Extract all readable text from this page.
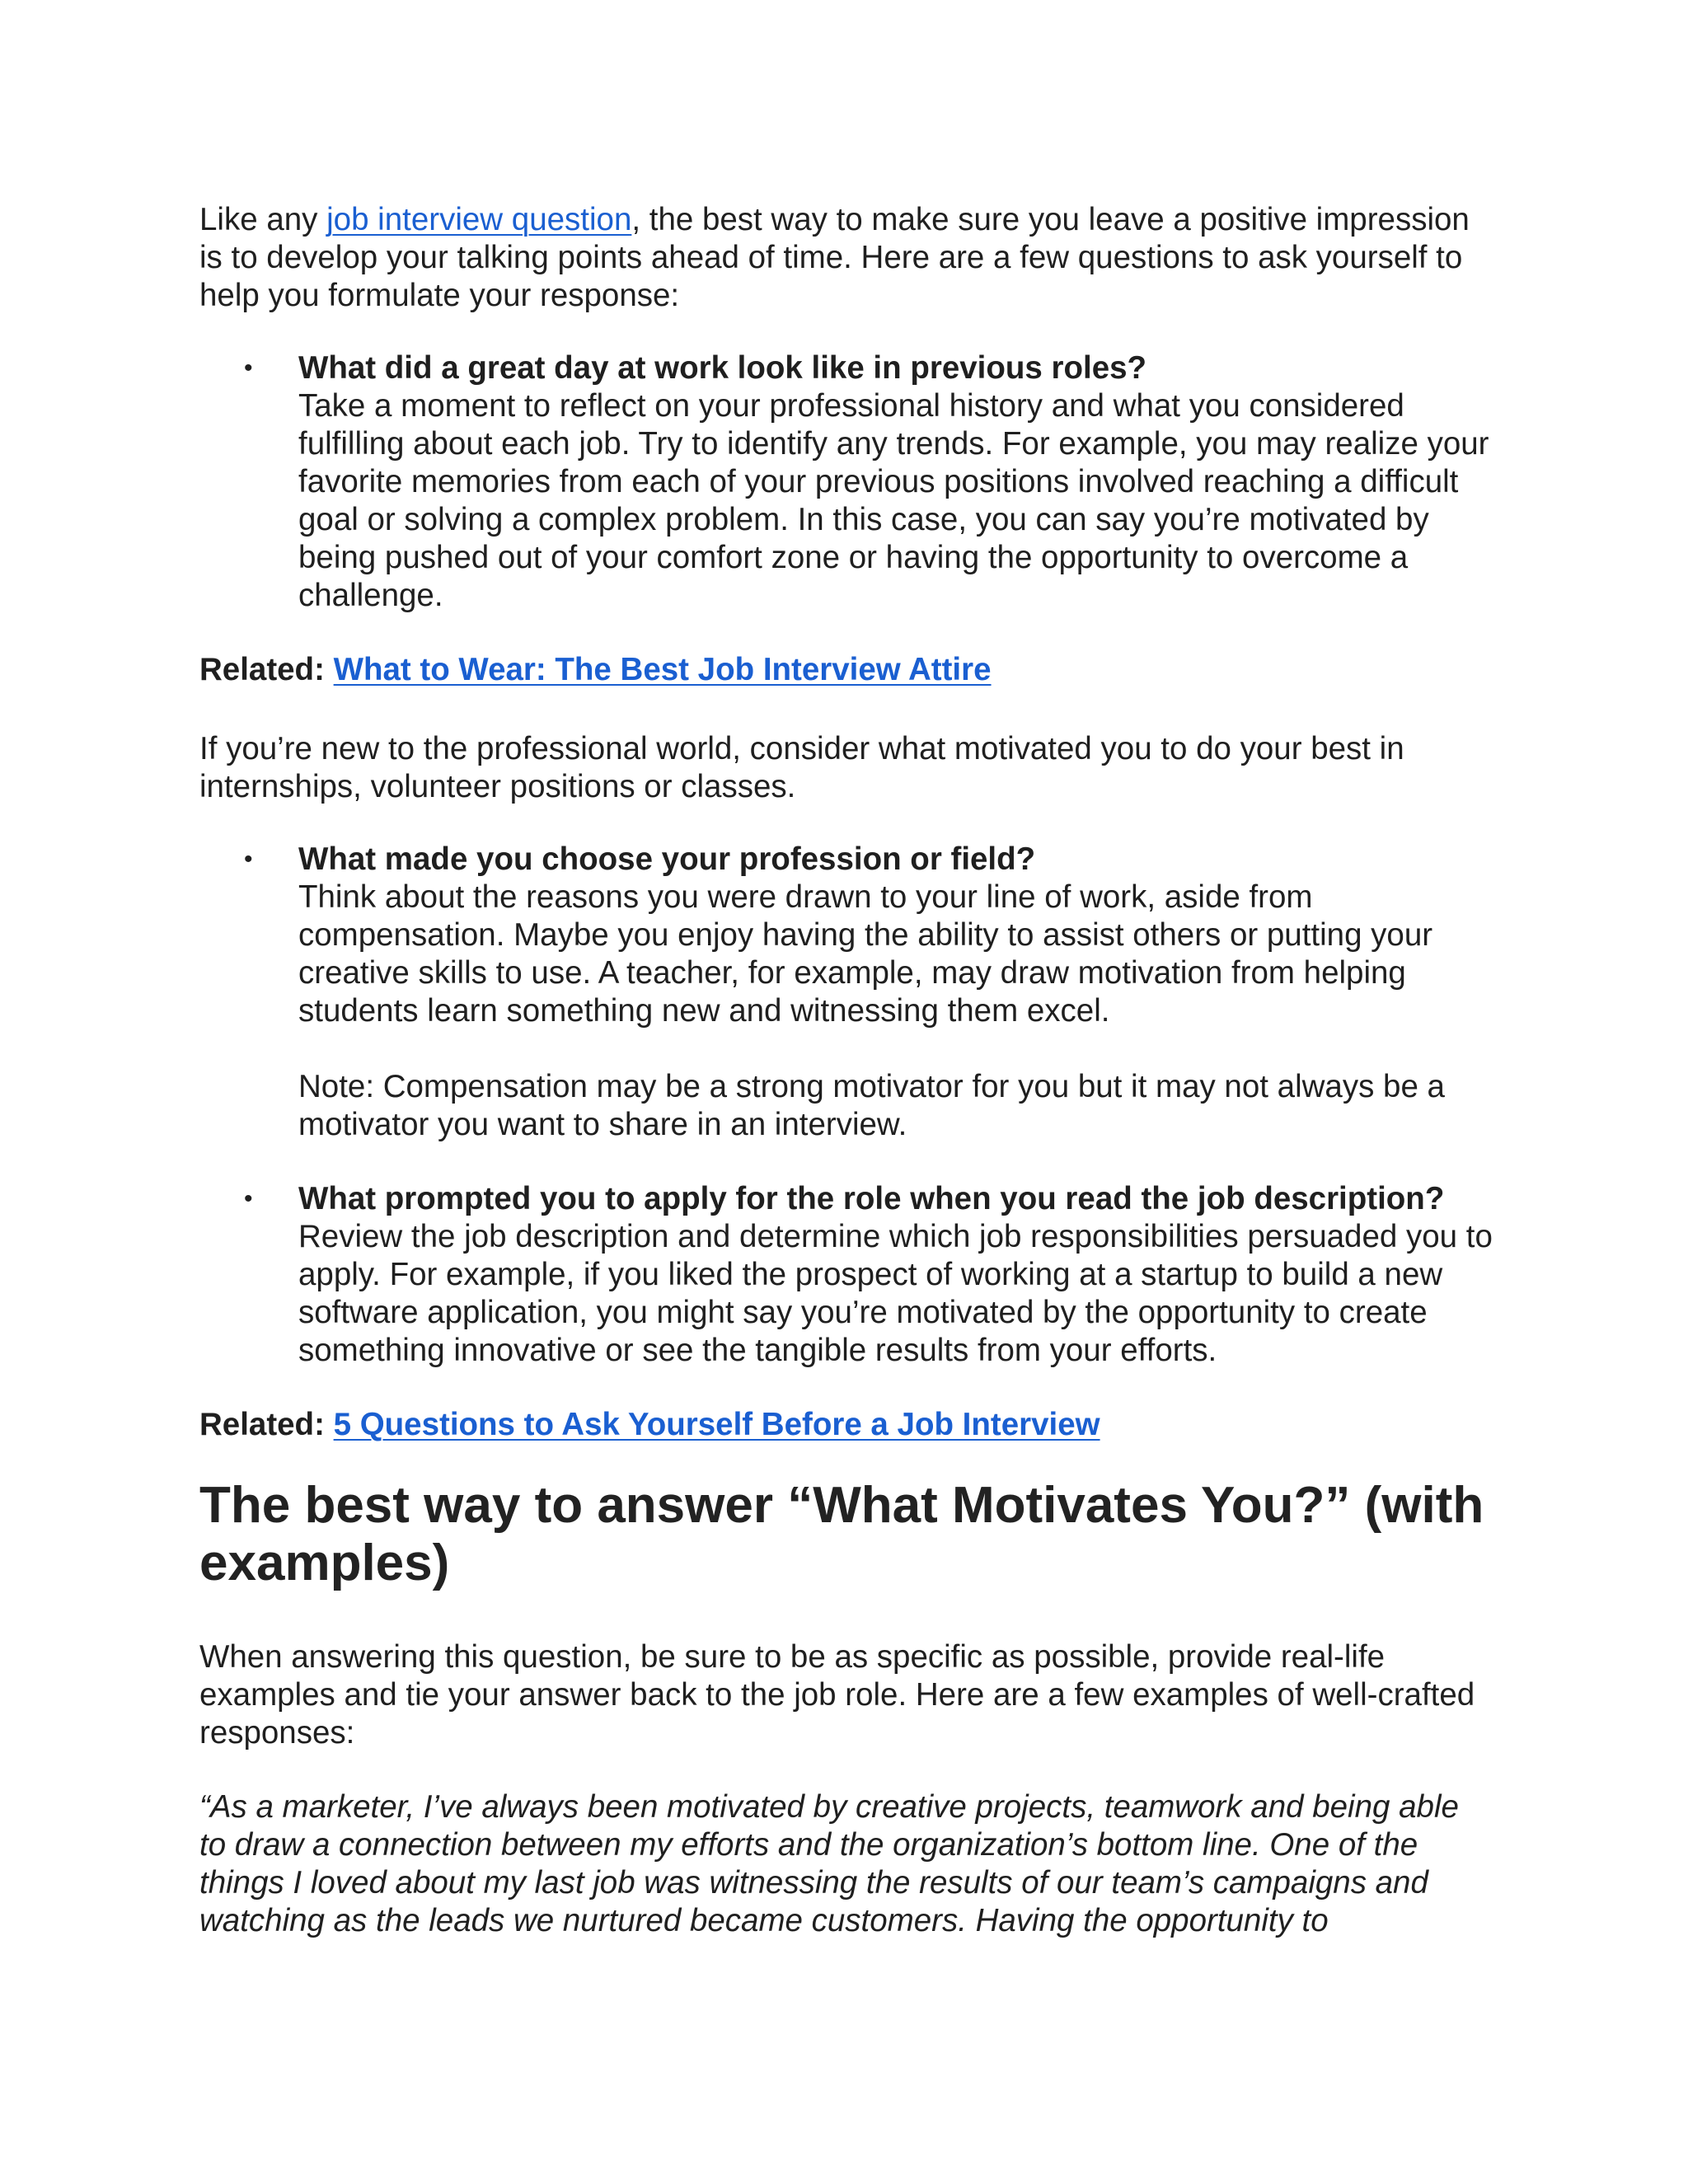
Like any job interview question, the best way to make sure you leave a positive impression is to develop your talking points ahead of time. Here are a few questions to ask yourself to help you formulate your response:

• What did a great day at work look like in previous roles?
Take a moment to reflect on your professional history and what you considered fulfilling about each job. Try to identify any trends. For example, you may realize your favorite memories from each of your previous positions involved reaching a difficult goal or solving a complex problem. In this case, you can say you’re motivated by being pushed out of your comfort zone or having the opportunity to overcome a challenge.

Related: What to Wear: The Best Job Interview Attire

If you’re new to the professional world, consider what motivated you to do your best in internships, volunteer positions or classes.

• What made you choose your profession or field?
Think about the reasons you were drawn to your line of work, aside from compensation. Maybe you enjoy having the ability to assist others or putting your creative skills to use. A teacher, for example, may draw motivation from helping students learn something new and witnessing them excel.
Note: Compensation may be a strong motivator for you but it may not always be a motivator you want to share in an interview.
• What prompted you to apply for the role when you read the job description?
Review the job description and determine which job responsibilities persuaded you to apply. For example, if you liked the prospect of working at a startup to build a new software application, you might say you’re motivated by the opportunity to create something innovative or see the tangible results from your efforts.

Related: 5 Questions to Ask Yourself Before a Job Interview

The best way to answer “What Motivates You?” (with examples)

When answering this question, be sure to be as specific as possible, provide real-life examples and tie your answer back to the job role. Here are a few examples of well-crafted responses:

“As a marketer, I’ve always been motivated by creative projects, teamwork and being able to draw a connection between my efforts and the organization’s bottom line. One of the things I loved about my last job was witnessing the results of our team’s campaigns and watching as the leads we nurtured became customers. Having the opportunity to
